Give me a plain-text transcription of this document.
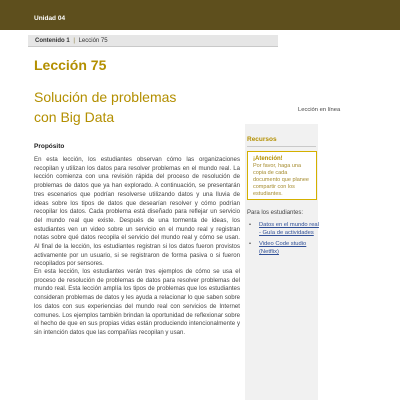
Unidad 04
Contenido 1 | Lección 75
Lección 75
Solución de problemas
con Big Data
Propósito

En esta lección, los estudiantes observan cómo las organizaciones recopilan y utilizan los datos para resolver problemas en el mundo real. La lección comienza con una revisión rápida del proceso de resolución de problemas de datos que ya han explorado. A continuación, se presentarán tres escenarios que podrían resolverse utilizando datos y una lluvia de ideas sobre los tipos de datos que desearían resolver y cómo podrían recopilar los datos. Cada problema está diseñado para reflejar un servicio del mundo real que existe. Después de una tormenta de ideas, los estudiantes ven un video sobre un servicio en el mundo real y registran notas sobre qué datos recopila el servicio del mundo real y cómo se usan. Al final de la lección, los estudiantes registran si los datos fueron provistos activamente por un usuario, si se registraron de forma pasiva o si fueron recopilados por sensores.

En esta lección, los estudiantes verán tres ejemplos de cómo se usa el proceso de resolución de problemas de datos para resolver problemas del mundo real. Esta lección amplía los tipos de problemas que los estudiantes consideran problemas de datos y les ayuda a relacionar lo que saben sobre los datos con sus experiencias del mundo real con servicios de Internet comunes. Los ejemplos también brindan la oportunidad de reflexionar sobre el hecho de que en sus propias vidas están produciendo intencionalmente y sin intención datos que las compañías recopilan y usan.

Lección en línea
Recursos
¡Atención!
Por favor, haga una copia de cada documento que planee compartir con los estudiantes.
Para los estudiantes:
• Datos en el mundo real - Guía de actividades
• Video Code studio (Netflix)
